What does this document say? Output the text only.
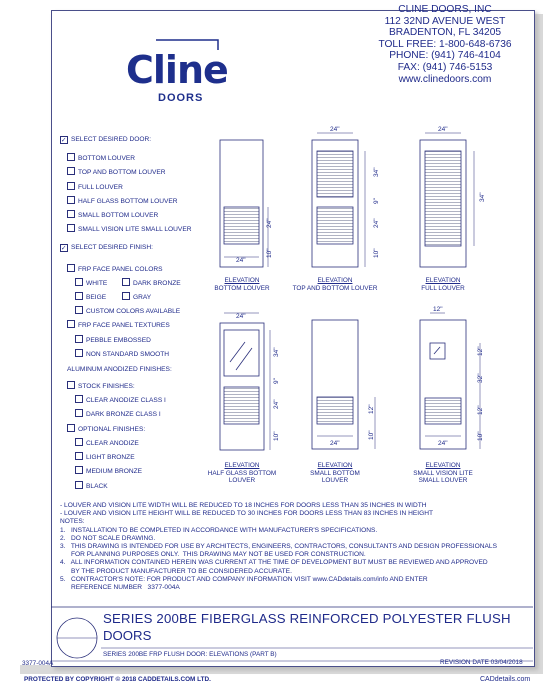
Cline
DOORS
CLINE DOORS, INC
112 32ND AVENUE WEST
BRADENTON, FL 34205
TOLL FREE: 1-800-648-6736
PHONE: (941) 746-4104
FAX: (941) 746-5153
www.clinedoors.com
✓ SELECT DESIRED DOOR:
BOTTOM LOUVER
TOP AND BOTTOM LOUVER
FULL LOUVER
HALF GLASS BOTTOM LOUVER
SMALL BOTTOM LOUVER
SMALL VISION LITE SMALL LOUVER
✓ SELECT DESIRED FINISH:
FRP FACE PANEL COLORS
WHITE	DARK BRONZE
BEIGE	GRAY
CUSTOM COLORS AVAILABLE
FRP FACE PANEL TEXTURES
PEBBLE EMBOSSED
NON STANDARD SMOOTH
ALUMINUM ANODIZED FINISHES:
STOCK FINISHES:
CLEAR ANODIZE CLASS I
DARK BRONZE CLASS I
OPTIONAL FINISHES:
CLEAR ANODIZE
LIGHT BRONZE
MEDIUM BRONZE
BLACK
24"
24"
10"
24"
34"
9"
24"
10"
24"
34"
24"
34"
9"
24"
10"
12"
10"
24"
12"
12"
32"
12"
10"
24"
ELEVATION
BOTTOM LOUVER
ELEVATION
TOP AND BOTTOM LOUVER
ELEVATION
FULL LOUVER
ELEVATION
HALF GLASS BOTTOM
LOUVER
ELEVATION
SMALL BOTTOM
LOUVER
ELEVATION
SMALL VISION LITE
SMALL LOUVER
- LOUVER AND VISION LITE WIDTH WILL BE REDUCED TO 18 INCHES FOR DOORS LESS THAN 35 INCHES IN WIDTH
- LOUVER AND VISION LITE HEIGHT WILL BE REDUCED TO 30 INCHES FOR DOORS LESS THAN 83 INCHES IN HEIGHT
NOTES:
1.   INSTALLATION TO BE COMPLETED IN ACCORDANCE WITH MANUFACTURER'S SPECIFICATIONS.
2.   DO NOT SCALE DRAWING.
3.   THIS DRAWING IS INTENDED FOR USE BY ARCHITECTS, ENGINEERS, CONTRACTORS, CONSULTANTS AND DESIGN PROFESSIONALS
FOR PLANNING PURPOSES ONLY.  THIS DRAWING MAY NOT BE USED FOR CONSTRUCTION.
4.   ALL INFORMATION CONTAINED HEREIN WAS CURRENT AT THE TIME OF DEVELOPMENT BUT MUST BE REVIEWED AND APPROVED
BY THE PRODUCT MANUFACTURER TO BE CONSIDERED ACCURATE.
5.   CONTRACTOR'S NOTE: FOR PRODUCT AND COMPANY INFORMATION VISIT www.CADdetails.com/info AND ENTER
REFERENCE NUMBER   3377-004A
SERIES 200BE FIBERGLASS REINFORCED POLYESTER FLUSH
DOORS
SERIES 200BE FRP FLUSH DOOR: ELEVATIONS (PART B)
3377-004A	REVISION DATE 03/04/2018
PROTECTED BY COPYRIGHT © 2018 CADDETAILS.COM LTD.	CADdetails.com
